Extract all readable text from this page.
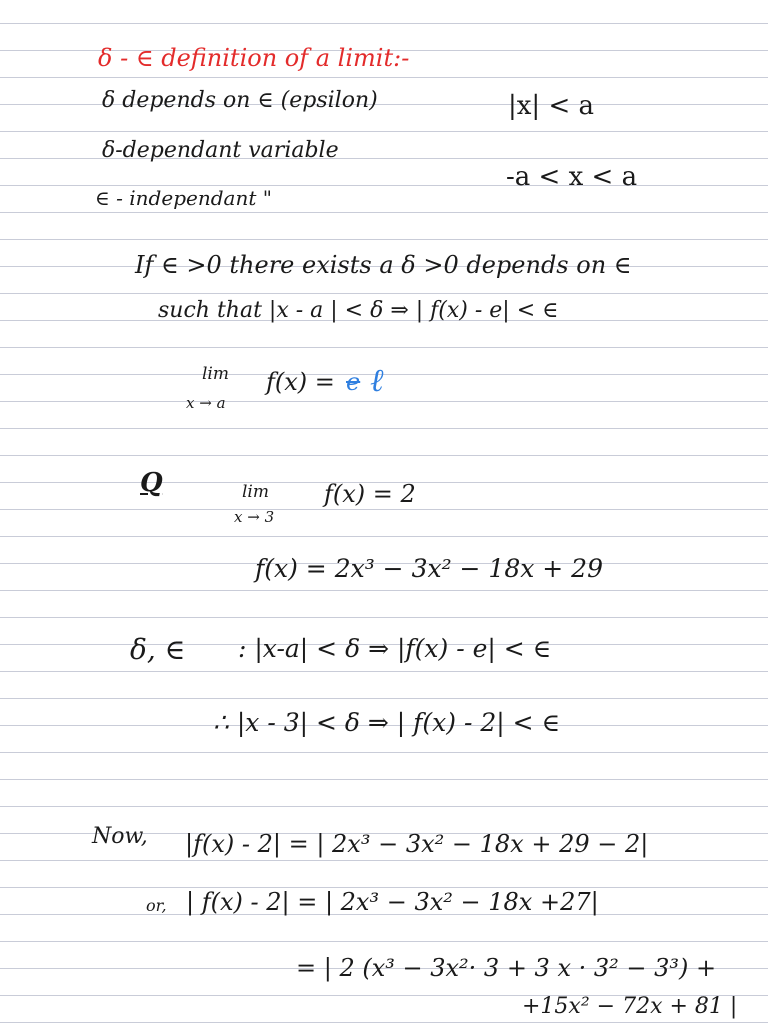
δ - ∈ definition of a limit:-
δ depends on ∈ (epsilon)
δ-dependant variable
∈ - independant "
|x| < a
-a < x < a
If ∈ >0 there exists a δ >0 depends on ∈
such that |x - a | < δ ⇒ | f(x) - e| < ∈
lim
x → a
f(x) = e ℓ
Q	lim
x → 3
f(x) = 2
f(x) = 2x³ − 3x² − 18x + 29
δ, ∈ : |x-a| < δ ⇒ |f(x) - e| < ∈
∴ |x - 3| < δ ⇒ | f(x) - 2| < ∈
Now, |f(x) - 2| = | 2x³ − 3x² − 18x + 29 − 2|
or, | f(x) - 2| = | 2x³ − 3x² − 18x +27|
= | 2 (x³ − 3x²· 3 + 3 x · 3² − 3³) +
+15x² − 72x + 81 |
